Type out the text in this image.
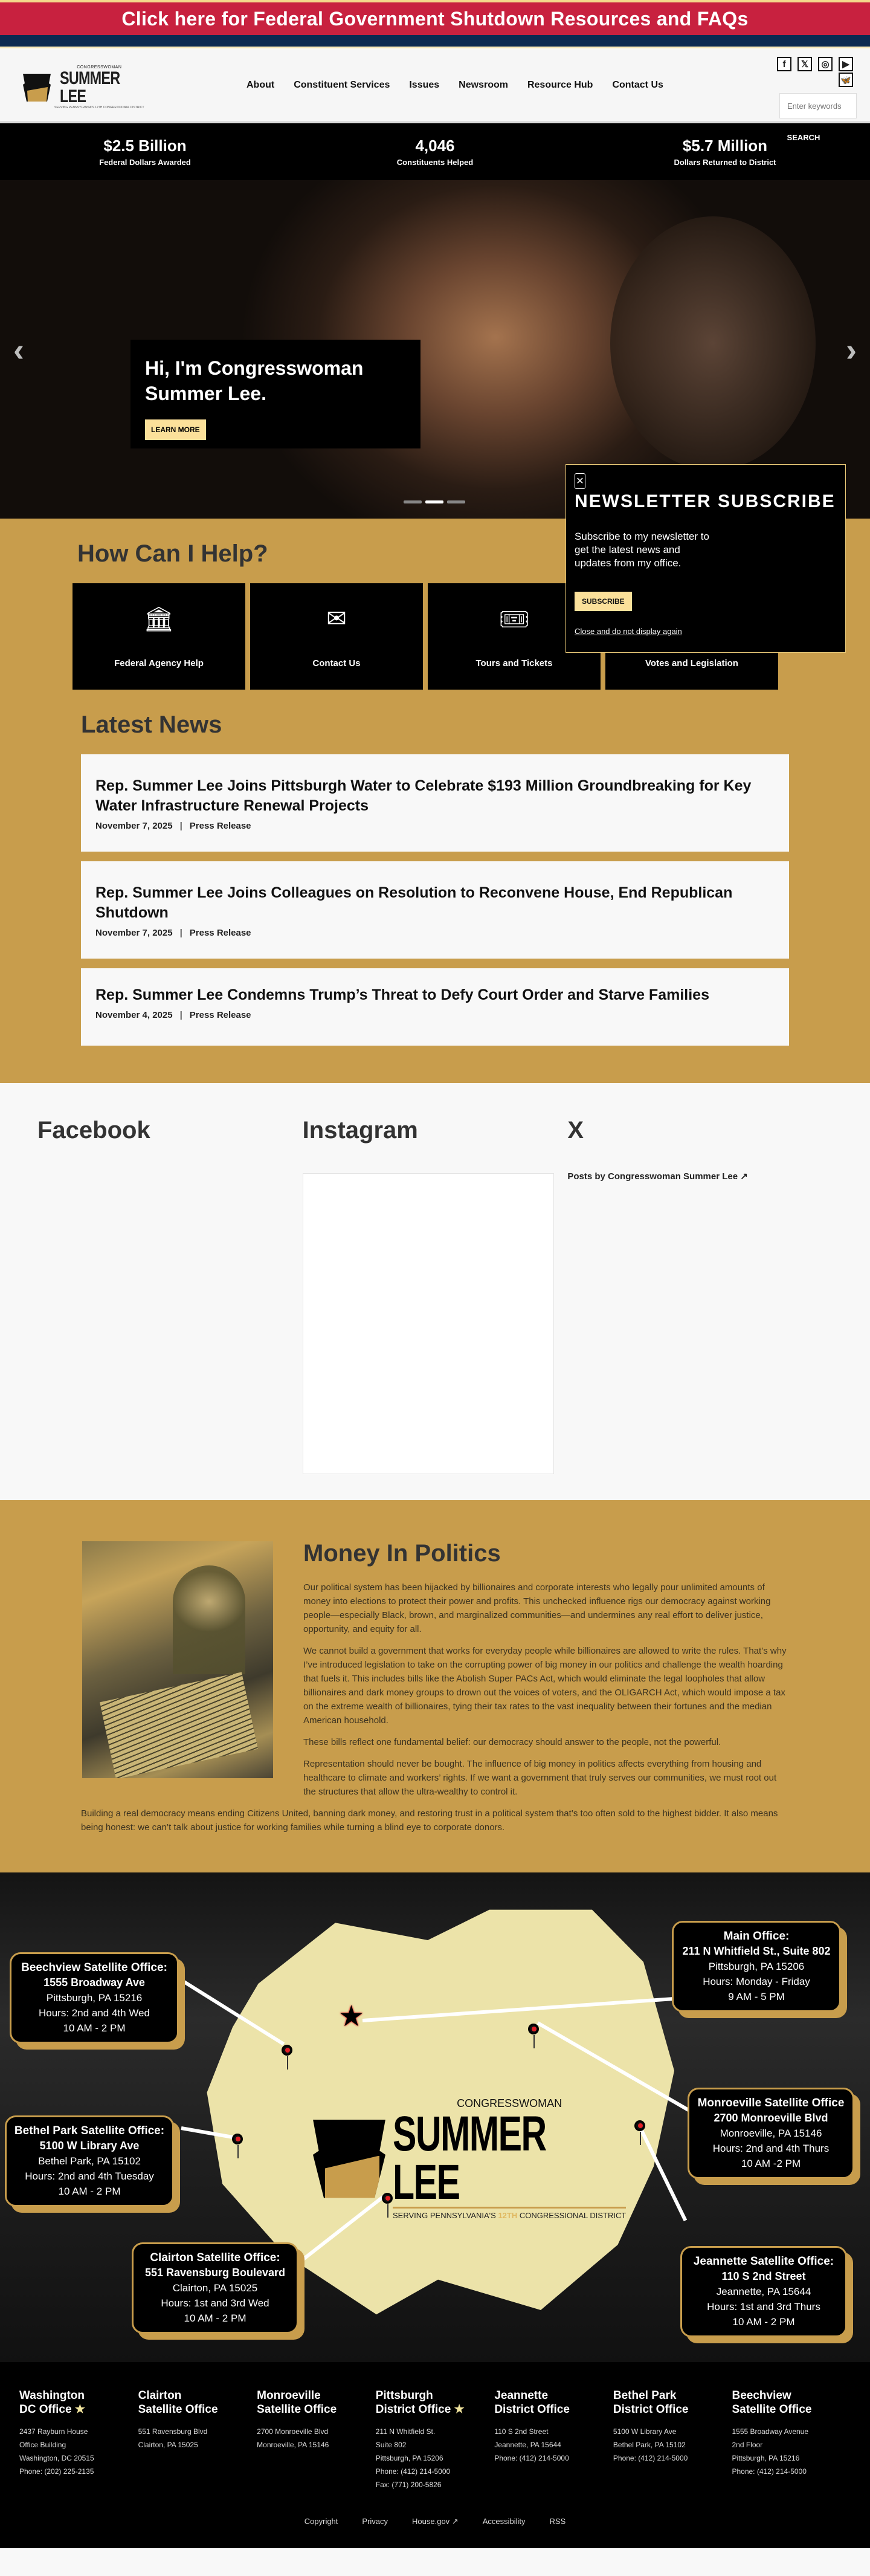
Click here for Federal Government Shutdown Resources and FAQs
CONGRESSWOMAN
SUMMER LEE
SERVING PENNSYLVANIA'S 12TH CONGRESSIONAL DISTRICT
About Constituent Services Issues Newsroom Resource Hub Contact Us
f	𝕏	◎	▶
🦋
Enter keywords
SEARCH
$2.5 Billion
Federal Dollars Awarded
4,046
Constituents Helped
$5.7 Million
Dollars Returned to District
‹	›
Hi, I'm Congresswoman Summer Lee.
LEARN MORE
✕
NEWSLETTER SUBSCRIBE

Subscribe to my newsletter to get the latest news and updates from my office.

SUBSCRIBE
Close and do not display again
How Can I Help?
🏛
Federal Agency Help
✉
Contact Us
🎟
Tours and Tickets	Votes and Legislation
Latest News
Rep. Summer Lee Joins Pittsburgh Water to Celebrate $193 Million Groundbreaking for Key Water Infrastructure Renewal Projects
November 7, 2025 | Press Release
Rep. Summer Lee Joins Colleagues on Resolution to Reconvene House, End Republican Shutdown
November 7, 2025 | Press Release
Rep. Summer Lee Condemns Trump’s Threat to Defy Court Order and Starve Families
November 4, 2025 | Press Release
Facebook	Instagram	X
Posts by Congresswoman Summer Lee ↗
Money In Politics

Our political system has been hijacked by billionaires and corporate interests who legally pour unlimited amounts of money into elections to protect their power and profits. This unchecked influence rigs our democracy against working people—especially Black, brown, and marginalized communities—and undermines any real effort to deliver justice, opportunity, and equity for all.

We cannot build a government that works for everyday people while billionaires are allowed to write the rules. That’s why I’ve introduced legislation to take on the corrupting power of big money in our politics and challenge the wealth hoarding that fuels it. This includes bills like the Abolish Super PACs Act, which would eliminate the legal loopholes that allow billionaires and dark money groups to drown out the voices of voters, and the OLIGARCH Act, which would impose a tax on the extreme wealth of billionaires, tying their tax rates to the vast inequality between their fortunes and the median American household.

These bills reflect one fundamental belief: our democracy should answer to the people, not the powerful.

Representation should never be bought. The influence of big money in politics affects everything from housing and healthcare to climate and workers’ rights. If we want a government that truly serves our communities, we must root out the structures that allow the ultra-wealthy to control it.

Building a real democracy means ending Citizens United, banning dark money, and restoring trust in a political system that’s too often sold to the highest bidder. It also means being honest: we can’t talk about justice for working families while turning a blind eye to corporate donors.

CONGRESSWOMAN
SUMMER LEE
SERVING PENNSYLVANIA'S 12TH CONGRESSIONAL DISTRICT
★
Beechview Satellite Office:
1555 Broadway Ave
Pittsburgh, PA 15216
Hours: 2nd and 4th Wed
10 AM - 2 PM
Main Office:
211 N Whitfield St., Suite 802
Pittsburgh, PA 15206
Hours: Monday - Friday
9 AM - 5 PM
Monroeville Satellite Office
2700 Monroeville Blvd
Monroeville, PA 15146
Hours: 2nd and 4th Thurs
10 AM -2 PM
Bethel Park Satellite Office:
5100 W Library Ave
Bethel Park, PA 15102
Hours: 2nd and 4th Tuesday
10 AM - 2 PM
Clairton Satellite Office:
551 Ravensburg Boulevard
Clairton, PA 15025
Hours: 1st and 3rd Wed
10 AM - 2 PM
Jeannette Satellite Office:
110 S 2nd Street
Jeannette, PA 15644
Hours: 1st and 3rd Thurs
10 AM - 2 PM
Washington
DC Office ★

2437 Rayburn House

Office Building

Washington, DC 20515

Phone: (202) 225-2135

Clairton
Satellite Office

551 Ravensburg Blvd

Clairton, PA 15025

Monroeville
Satellite Office

2700 Monroeville Blvd

Monroeville, PA 15146

Pittsburgh
District Office ★

211 N Whitfield St.

Suite 802

Pittsburgh, PA 15206

Phone: (412) 214-5000

Fax: (771) 200-5826

Jeannette
District Office

110 S 2nd Street

Jeannette, PA 15644

Phone: (412) 214-5000

Bethel Park
District Office

5100 W Library Ave

Bethel Park, PA 15102

Phone: (412) 214-5000

Beechview
Satellite Office

1555 Broadway Avenue

2nd Floor

Pittsburgh, PA 15216

Phone: (412) 214-5000

Copyright	Privacy	House.gov ↗	Accessibility	RSS
